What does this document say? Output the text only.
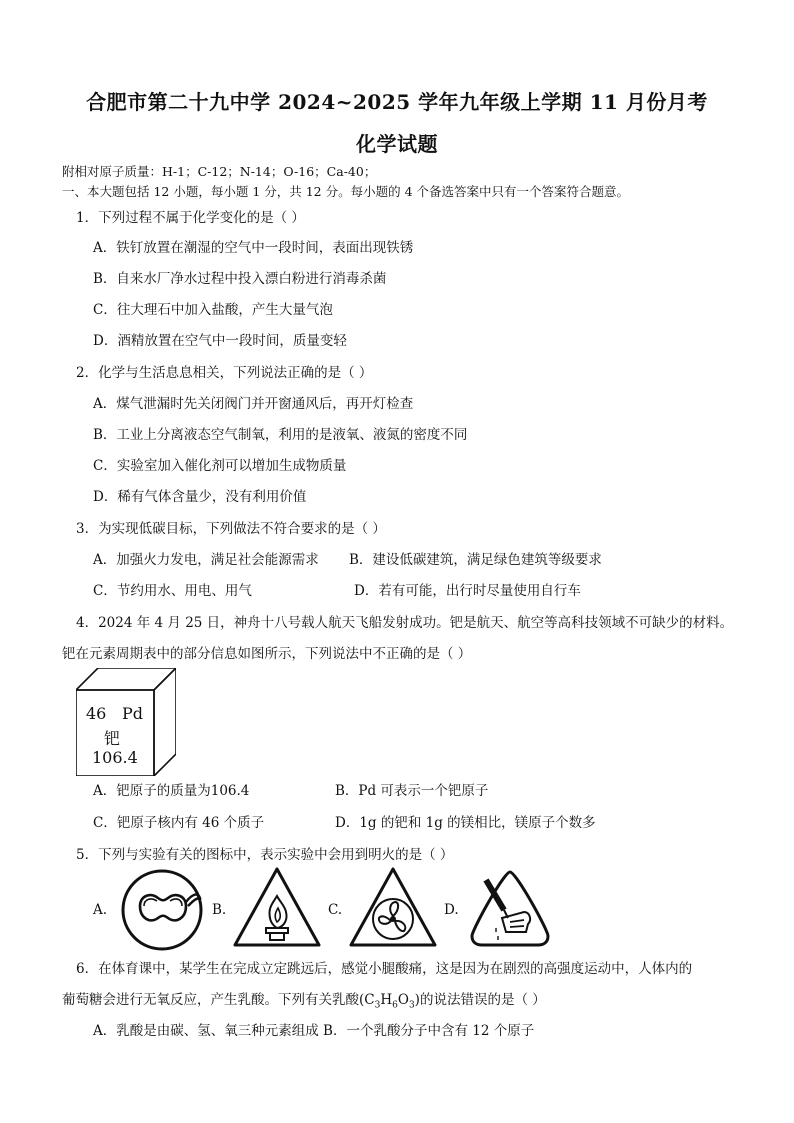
合肥市第二十九中学 2024~2025 学年九年级上学期 11 月份月考
化学试题
附相对原子质量：H-1；C-12；N-14；O-16；Ca-40；
一、本大题包括 12 小题，每小题 1 分，共 12 分。每小题的 4 个备选答案中只有一个答案符合题意。
1．下列过程不属于化学变化的是（ ）
A．铁钉放置在潮湿的空气中一段时间，表面出现铁锈
B．自来水厂净水过程中投入漂白粉进行消毒杀菌
C．往大理石中加入盐酸，产生大量气泡
D．酒精放置在空气中一段时间，质量变轻
2．化学与生活息息相关，下列说法正确的是（ ）
A．煤气泄漏时先关闭阀门并开窗通风后，再开灯检查
B．工业上分离液态空气制氧，利用的是液氧、液氮的密度不同
C．实验室加入催化剂可以增加生成物质量
D．稀有气体含量少，没有利用价值
3．为实现低碳目标，下列做法不符合要求的是（ ）
A．加强火力发电，满足社会能源需求 B．建设低碳建筑，满足绿色建筑等级要求
C．节约用水、用电、用气	D．若有可能，出行时尽量使用自行车
4．2024 年 4 月 25 日，神舟十八号载人航天飞船发射成功。钯是航天、航空等高科技领域不可缺少的材料。
钯在元素周期表中的部分信息如图所示，下列说法中不正确的是（ ）
46 Pd
钯
106.4
A．钯原子的质量为106.4	B．Pd 可表示一个钯原子
C．钯原子核内有 46 个质子	D．1g 的钯和 1g 的镁相比，镁原子个数多
5．下列与实验有关的图标中，表示实验中会用到明火的是（ ）
A.	B.	C.	D.
6．在体育课中，某学生在完成立定跳远后，感觉小腿酸痛，这是因为在剧烈的高强度运动中，人体内的
葡萄糖会进行无氧反应，产生乳酸。下列有关乳酸$(C_3H_6O_3)$的说法错误的是（ ）
A．乳酸是由碳、氢、氧三种元素组成 B．一个乳酸分子中含有 12 个原子
